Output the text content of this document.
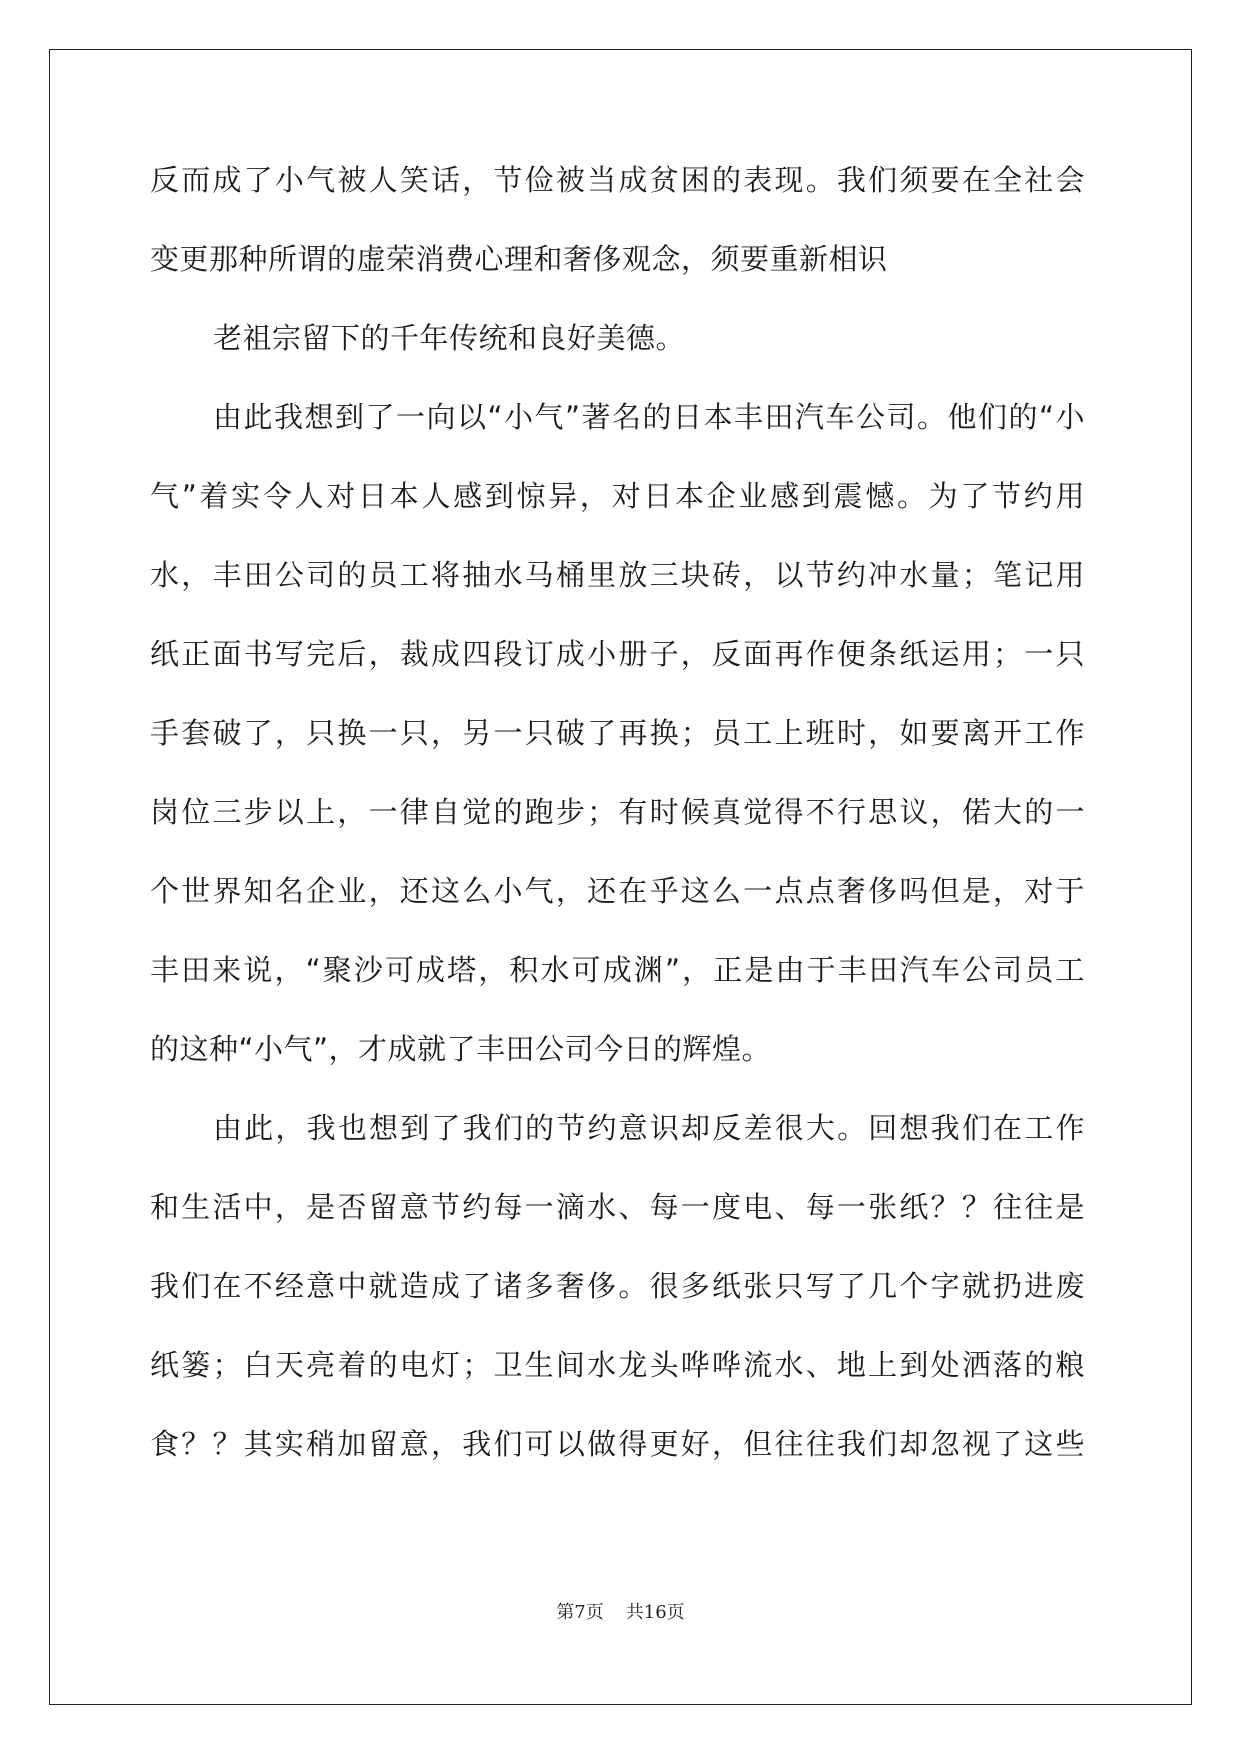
反而成了小气被人笑话，节俭被当成贫困的表现。我们须要在全社会
变更那种所谓的虚荣消费心理和奢侈观念，须要重新相识
老祖宗留下的千年传统和良好美德。
由此我想到了一向以“小气”著名的日本丰田汽车公司。他们的“小
气”着实令人对日本人感到惊异，对日本企业感到震憾。为了节约用
水，丰田公司的员工将抽水马桶里放三块砖，以节约冲水量；笔记用
纸正面书写完后，裁成四段订成小册子，反面再作便条纸运用；一只
手套破了，只换一只，另一只破了再换；员工上班时，如要离开工作
岗位三步以上，一律自觉的跑步；有时候真觉得不行思议，偌大的一
个世界知名企业，还这么小气，还在乎这么一点点奢侈吗但是，对于
丰田来说，“聚沙可成塔，积水可成渊”，正是由于丰田汽车公司员工
的这种“小气”，才成就了丰田公司今日的辉煌。
由此，我也想到了我们的节约意识却反差很大。回想我们在工作
和生活中，是否留意节约每一滴水、每一度电、每一张纸？？往往是
我们在不经意中就造成了诸多奢侈。很多纸张只写了几个字就扔进废
纸篓；白天亮着的电灯；卫生间水龙头哗哗流水、地上到处洒落的粮
食？？其实稍加留意，我们可以做得更好，但往往我们却忽视了这些
第7页 共16页
